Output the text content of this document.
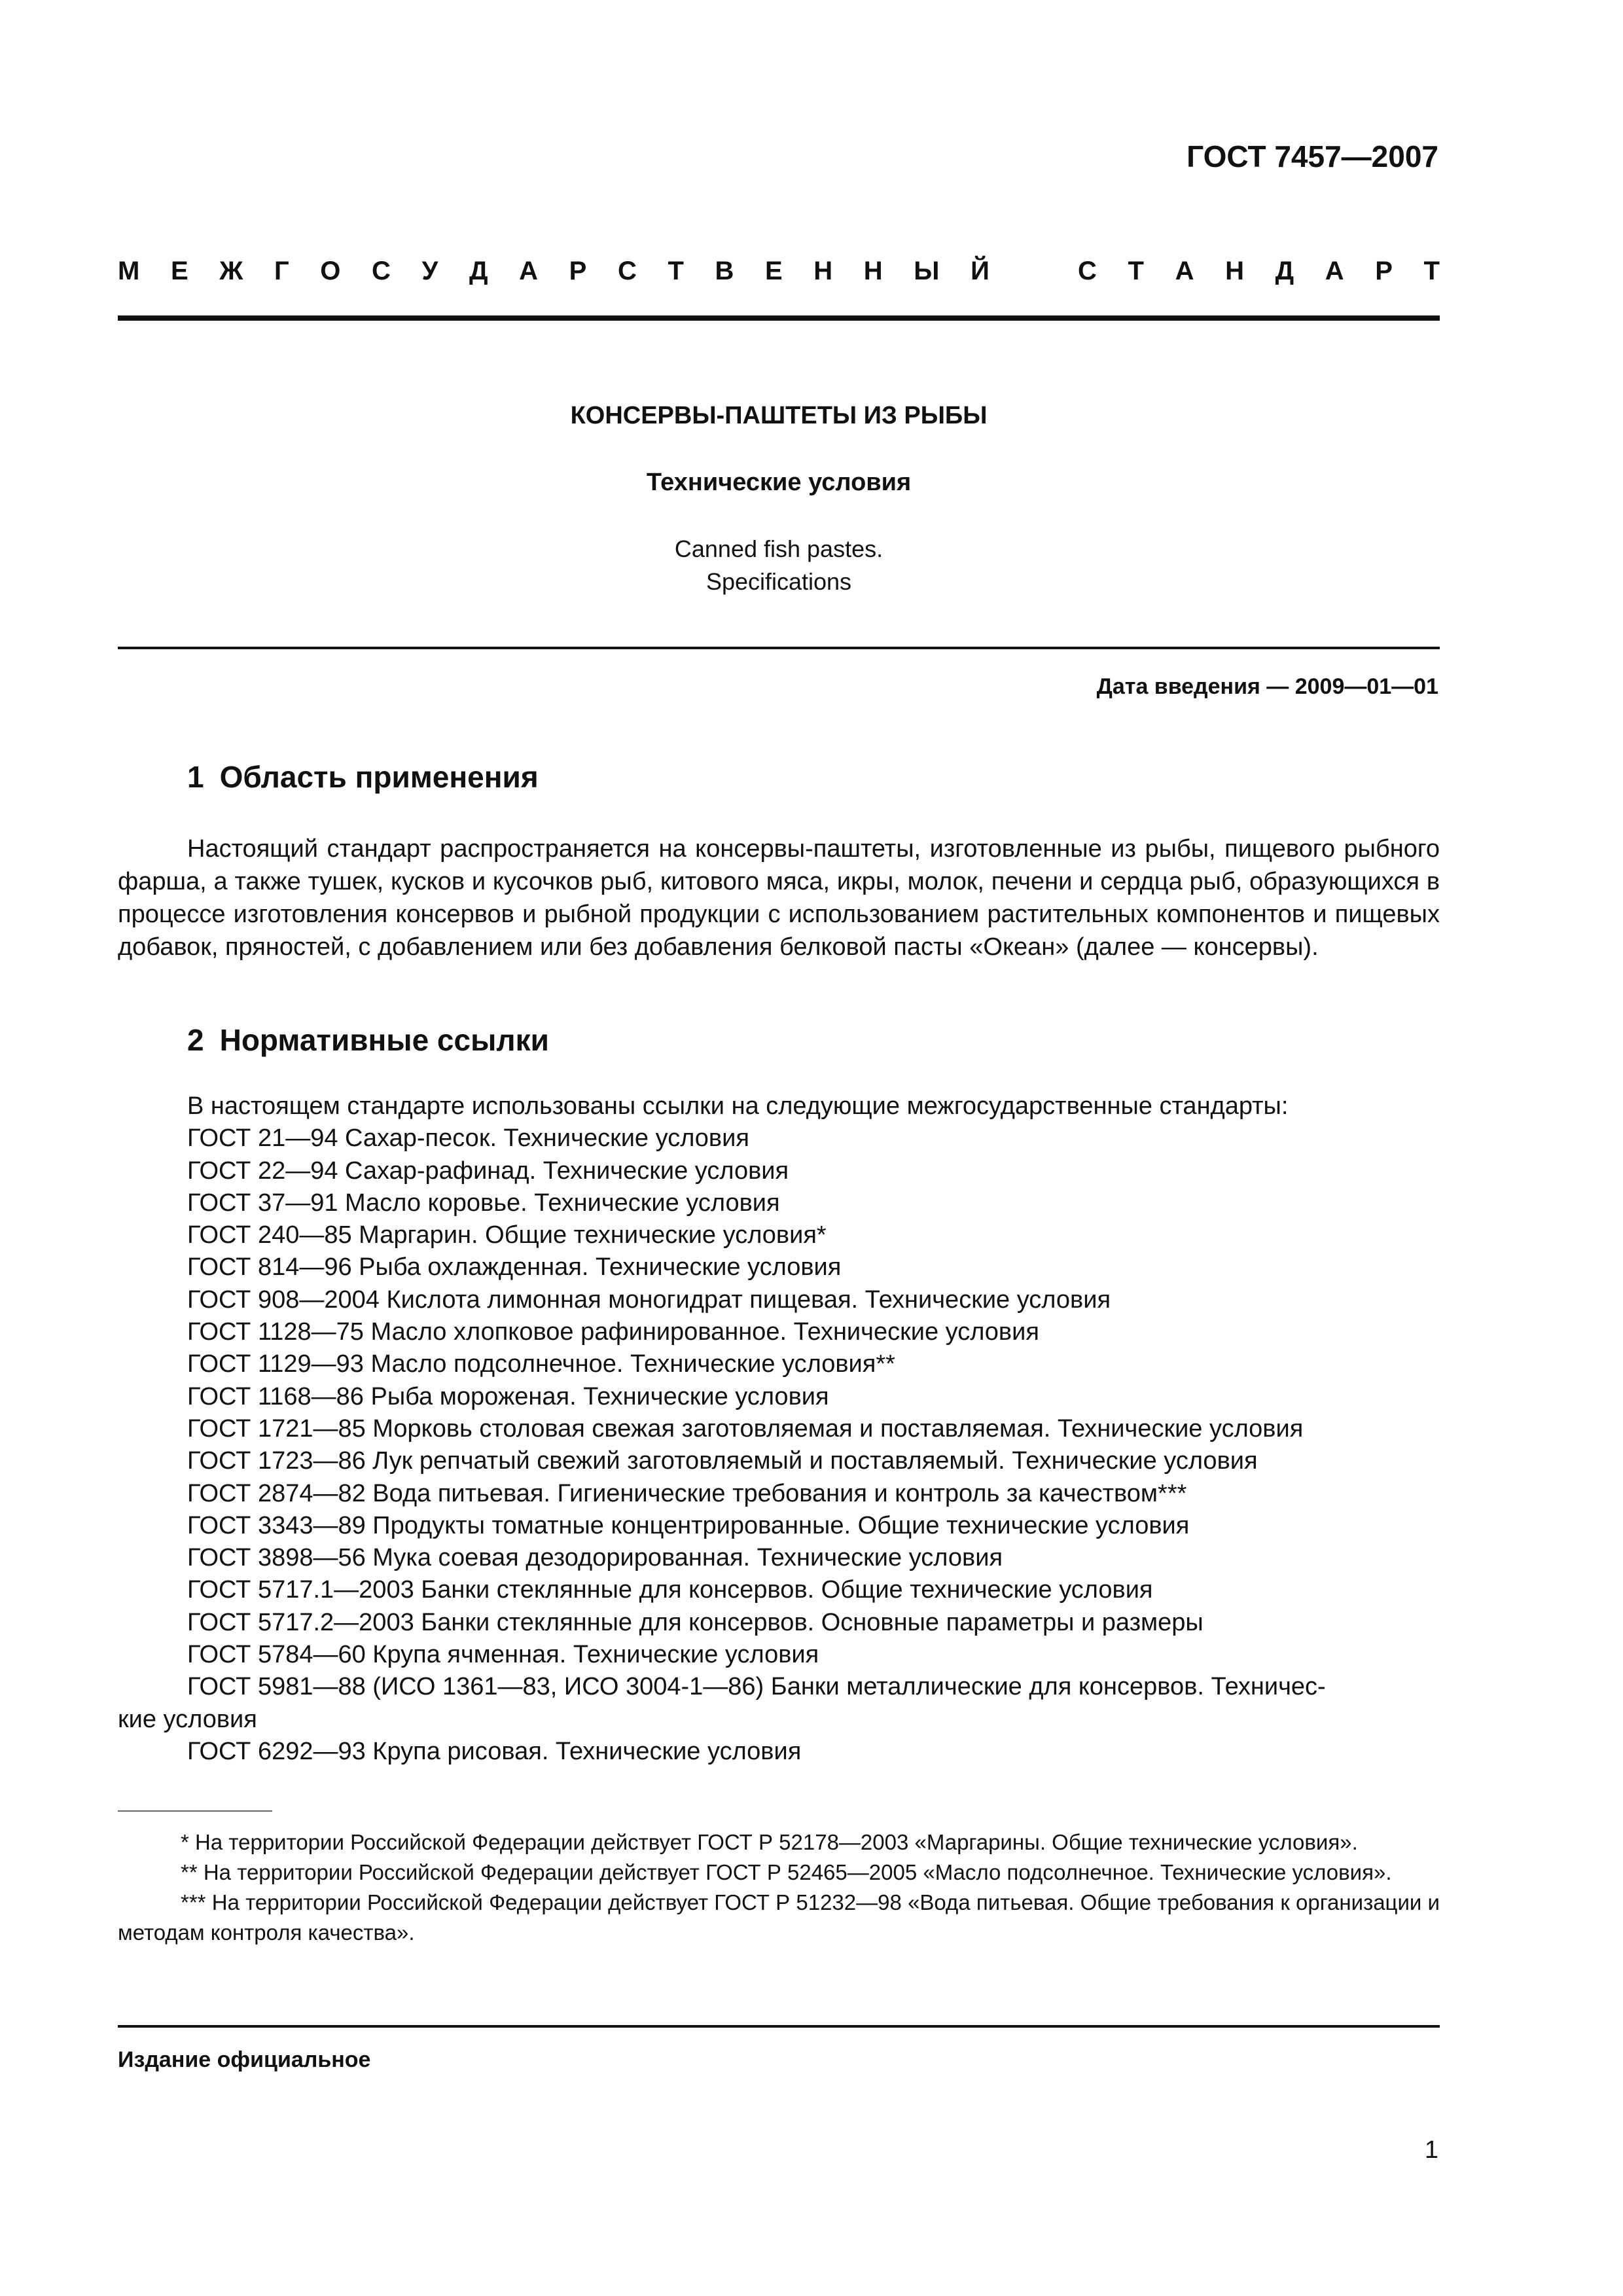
ГОСТ 7457—2007
М Е Ж Г О С У Д А Р С Т В Е Н Н Ы Й	С Т А Н Д А Р Т
КОНСЕРВЫ-ПАШТЕТЫ ИЗ РЫБЫ
Технические условия
Canned fish pastes.
Specifications
Дата введения — 2009—01—01
1 Область применения
Настоящий стандарт распространяется на консервы-паштеты, изготовленные из рыбы, пищевого рыбного фарша, а также тушек, кусков и кусочков рыб, китового мяса, икры, молок, печени и сердца рыб, образующихся в процессе изготовления консервов и рыбной продукции с использованием растительных компонентов и пищевых добавок, пряностей, с добавлением или без добавления белковой пасты «Океан» (далее — консервы).
2 Нормативные ссылки
В настоящем стандарте использованы ссылки на следующие межгосударственные стандарты:
ГОСТ 21—94 Сахар-песок. Технические условия
ГОСТ 22—94 Сахар-рафинад. Технические условия
ГОСТ 37—91 Масло коровье. Технические условия
ГОСТ 240—85 Маргарин. Общие технические условия*
ГОСТ 814—96 Рыба охлажденная. Технические условия
ГОСТ 908—2004 Кислота лимонная моногидрат пищевая. Технические условия
ГОСТ 1128—75 Масло хлопковое рафинированное. Технические условия
ГОСТ 1129—93 Масло подсолнечное. Технические условия**
ГОСТ 1168—86 Рыба мороженая. Технические условия
ГОСТ 1721—85 Морковь столовая свежая заготовляемая и поставляемая. Технические условия
ГОСТ 1723—86 Лук репчатый свежий заготовляемый и поставляемый. Технические условия
ГОСТ 2874—82 Вода питьевая. Гигиенические требования и контроль за качеством***
ГОСТ 3343—89 Продукты томатные концентрированные. Общие технические условия
ГОСТ 3898—56 Мука соевая дезодорированная. Технические условия
ГОСТ 5717.1—2003 Банки стеклянные для консервов. Общие технические условия
ГОСТ 5717.2—2003 Банки стеклянные для консервов. Основные параметры и размеры
ГОСТ 5784—60 Крупа ячменная. Технические условия
ГОСТ 5981—88 (ИСО 1361—83, ИСО 3004-1—86) Банки металлические для консервов. Техничес-
кие условия
ГОСТ 6292—93 Крупа рисовая. Технические условия
* На территории Российской Федерации действует ГОСТ Р 52178—2003 «Маргарины. Общие технические условия».
** На территории Российской Федерации действует ГОСТ Р 52465—2005 «Масло подсолнечное. Технические условия».
*** На территории Российской Федерации действует ГОСТ Р 51232—98 «Вода питьевая. Общие требования к организации и методам контроля качества».
Издание официальное
1
